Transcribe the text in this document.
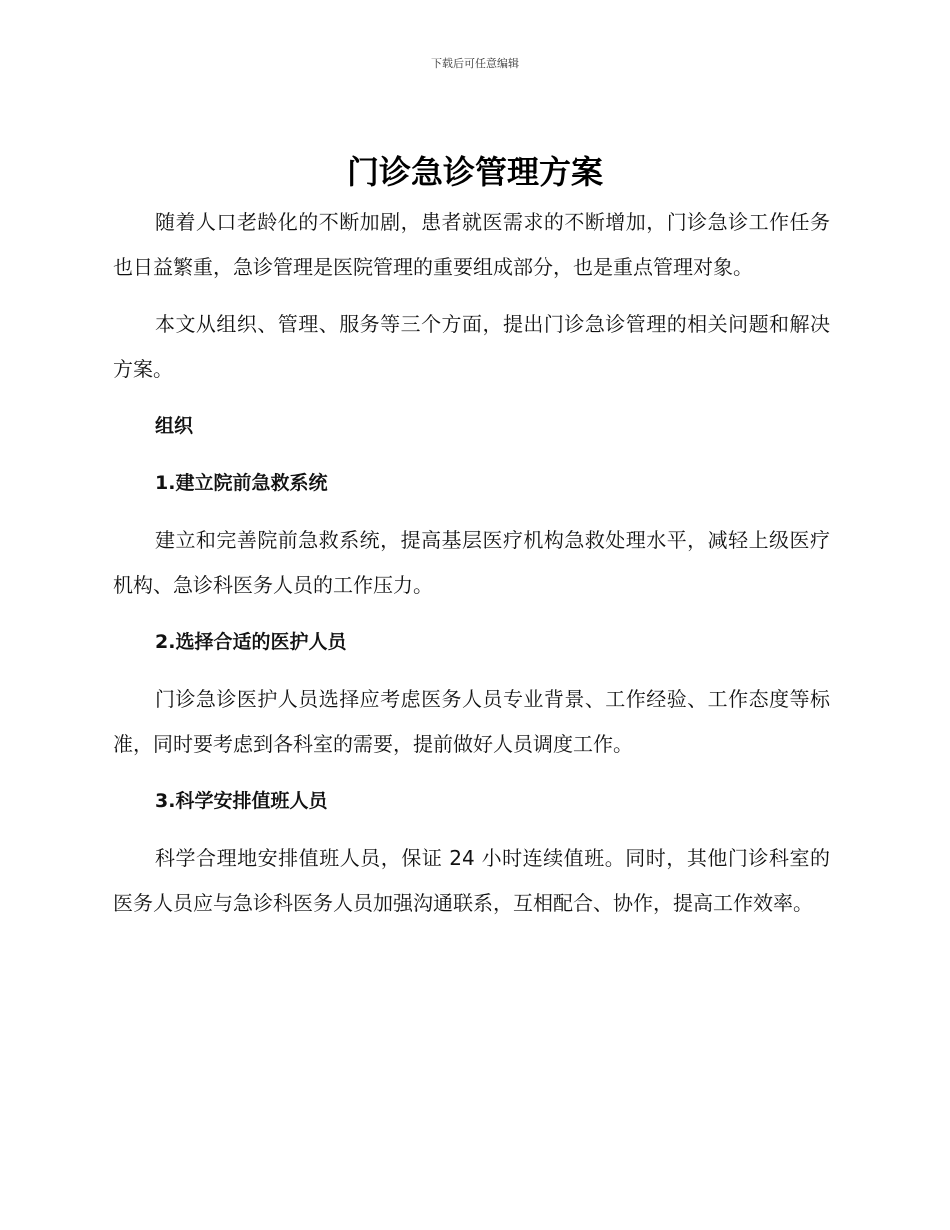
下载后可任意编辑
门诊急诊管理方案

随着人口老龄化的不断加剧，患者就医需求的不断增加，门诊急诊工作任务也日益繁重，急诊管理是医院管理的重要组成部分，也是重点管理对象。

本文从组织、管理、服务等三个方面，提出门诊急诊管理的相关问题和解决方案。

组织
1.建立院前急救系统

建立和完善院前急救系统，提高基层医疗机构急救处理水平，减轻上级医疗机构、急诊科医务人员的工作压力。

2.选择合适的医护人员

门诊急诊医护人员选择应考虑医务人员专业背景、工作经验、工作态度等标准，同时要考虑到各科室的需要，提前做好人员调度工作。

3.科学安排值班人员

科学合理地安排值班人员，保证 24 小时连续值班。同时，其他门诊科室的医务人员应与急诊科医务人员加强沟通联系，互相配合、协作，提高工作效率。
